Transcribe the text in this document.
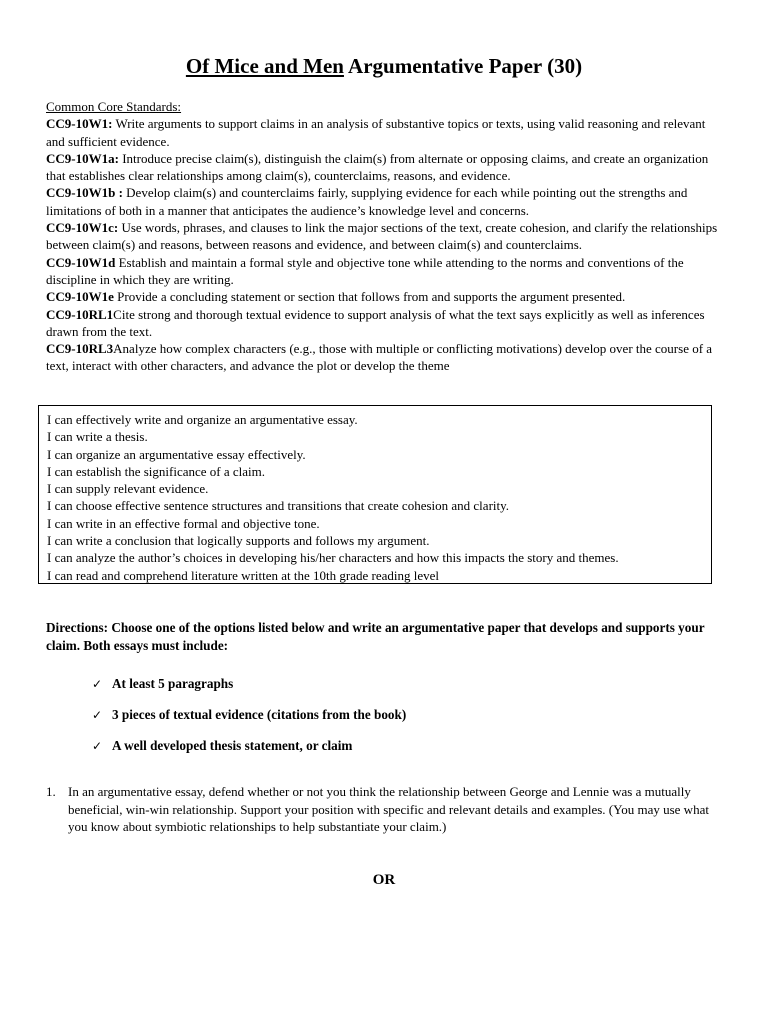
Of Mice and Men Argumentative Paper (30)

Common Core Standards:

CC9-10W1: Write arguments to support claims in an analysis of substantive topics or texts, using valid reasoning and relevant and sufficient evidence.

CC9-10W1a: Introduce precise claim(s), distinguish the claim(s) from alternate or opposing claims, and create an organization that establishes clear relationships among claim(s), counterclaims, reasons, and evidence.

CC9-10W1b : Develop claim(s) and counterclaims fairly, supplying evidence for each while pointing out the strengths and limitations of both in a manner that anticipates the audience’s knowledge level and concerns.

CC9-10W1c: Use words, phrases, and clauses to link the major sections of the text, create cohesion, and clarify the relationships between claim(s) and reasons, between reasons and evidence, and between claim(s) and counterclaims.

CC9-10W1d Establish and maintain a formal style and objective tone while attending to the norms and conventions of the discipline in which they are writing.

CC9-10W1e Provide a concluding statement or section that follows from and supports the argument presented.

CC9-10RL1Cite strong and thorough textual evidence to support analysis of what the text says explicitly as well as inferences drawn from the text.

CC9-10RL3Analyze how complex characters (e.g., those with multiple or conflicting motivations) develop over the course of a text, interact with other characters, and advance the plot or develop the theme

I can effectively write and organize an argumentative essay.
I can write a thesis.
I can organize an argumentative essay effectively.
I can establish the significance of a claim.
I can supply relevant evidence.
I can choose effective sentence structures and transitions that create cohesion and clarity.
I can write in an effective formal and objective tone.
I can write a conclusion that logically supports and follows my argument.
I can analyze the author’s choices in developing his/her characters and how this impacts the story and themes.
I can read and comprehend literature written at the 10th grade reading level
Directions: Choose one of the options listed below and write an argumentative paper that develops and supports your claim. Both essays must include:
✓ At least 5 paragraphs
✓ 3 pieces of textual evidence (citations from the book)
✓ A well developed thesis statement, or claim
1. In an argumentative essay, defend whether or not you think the relationship between George and Lennie was a mutually beneficial, win-win relationship. Support your position with specific and relevant details and examples. (You may use what you know about symbiotic relationships to help substantiate your claim.)
OR
